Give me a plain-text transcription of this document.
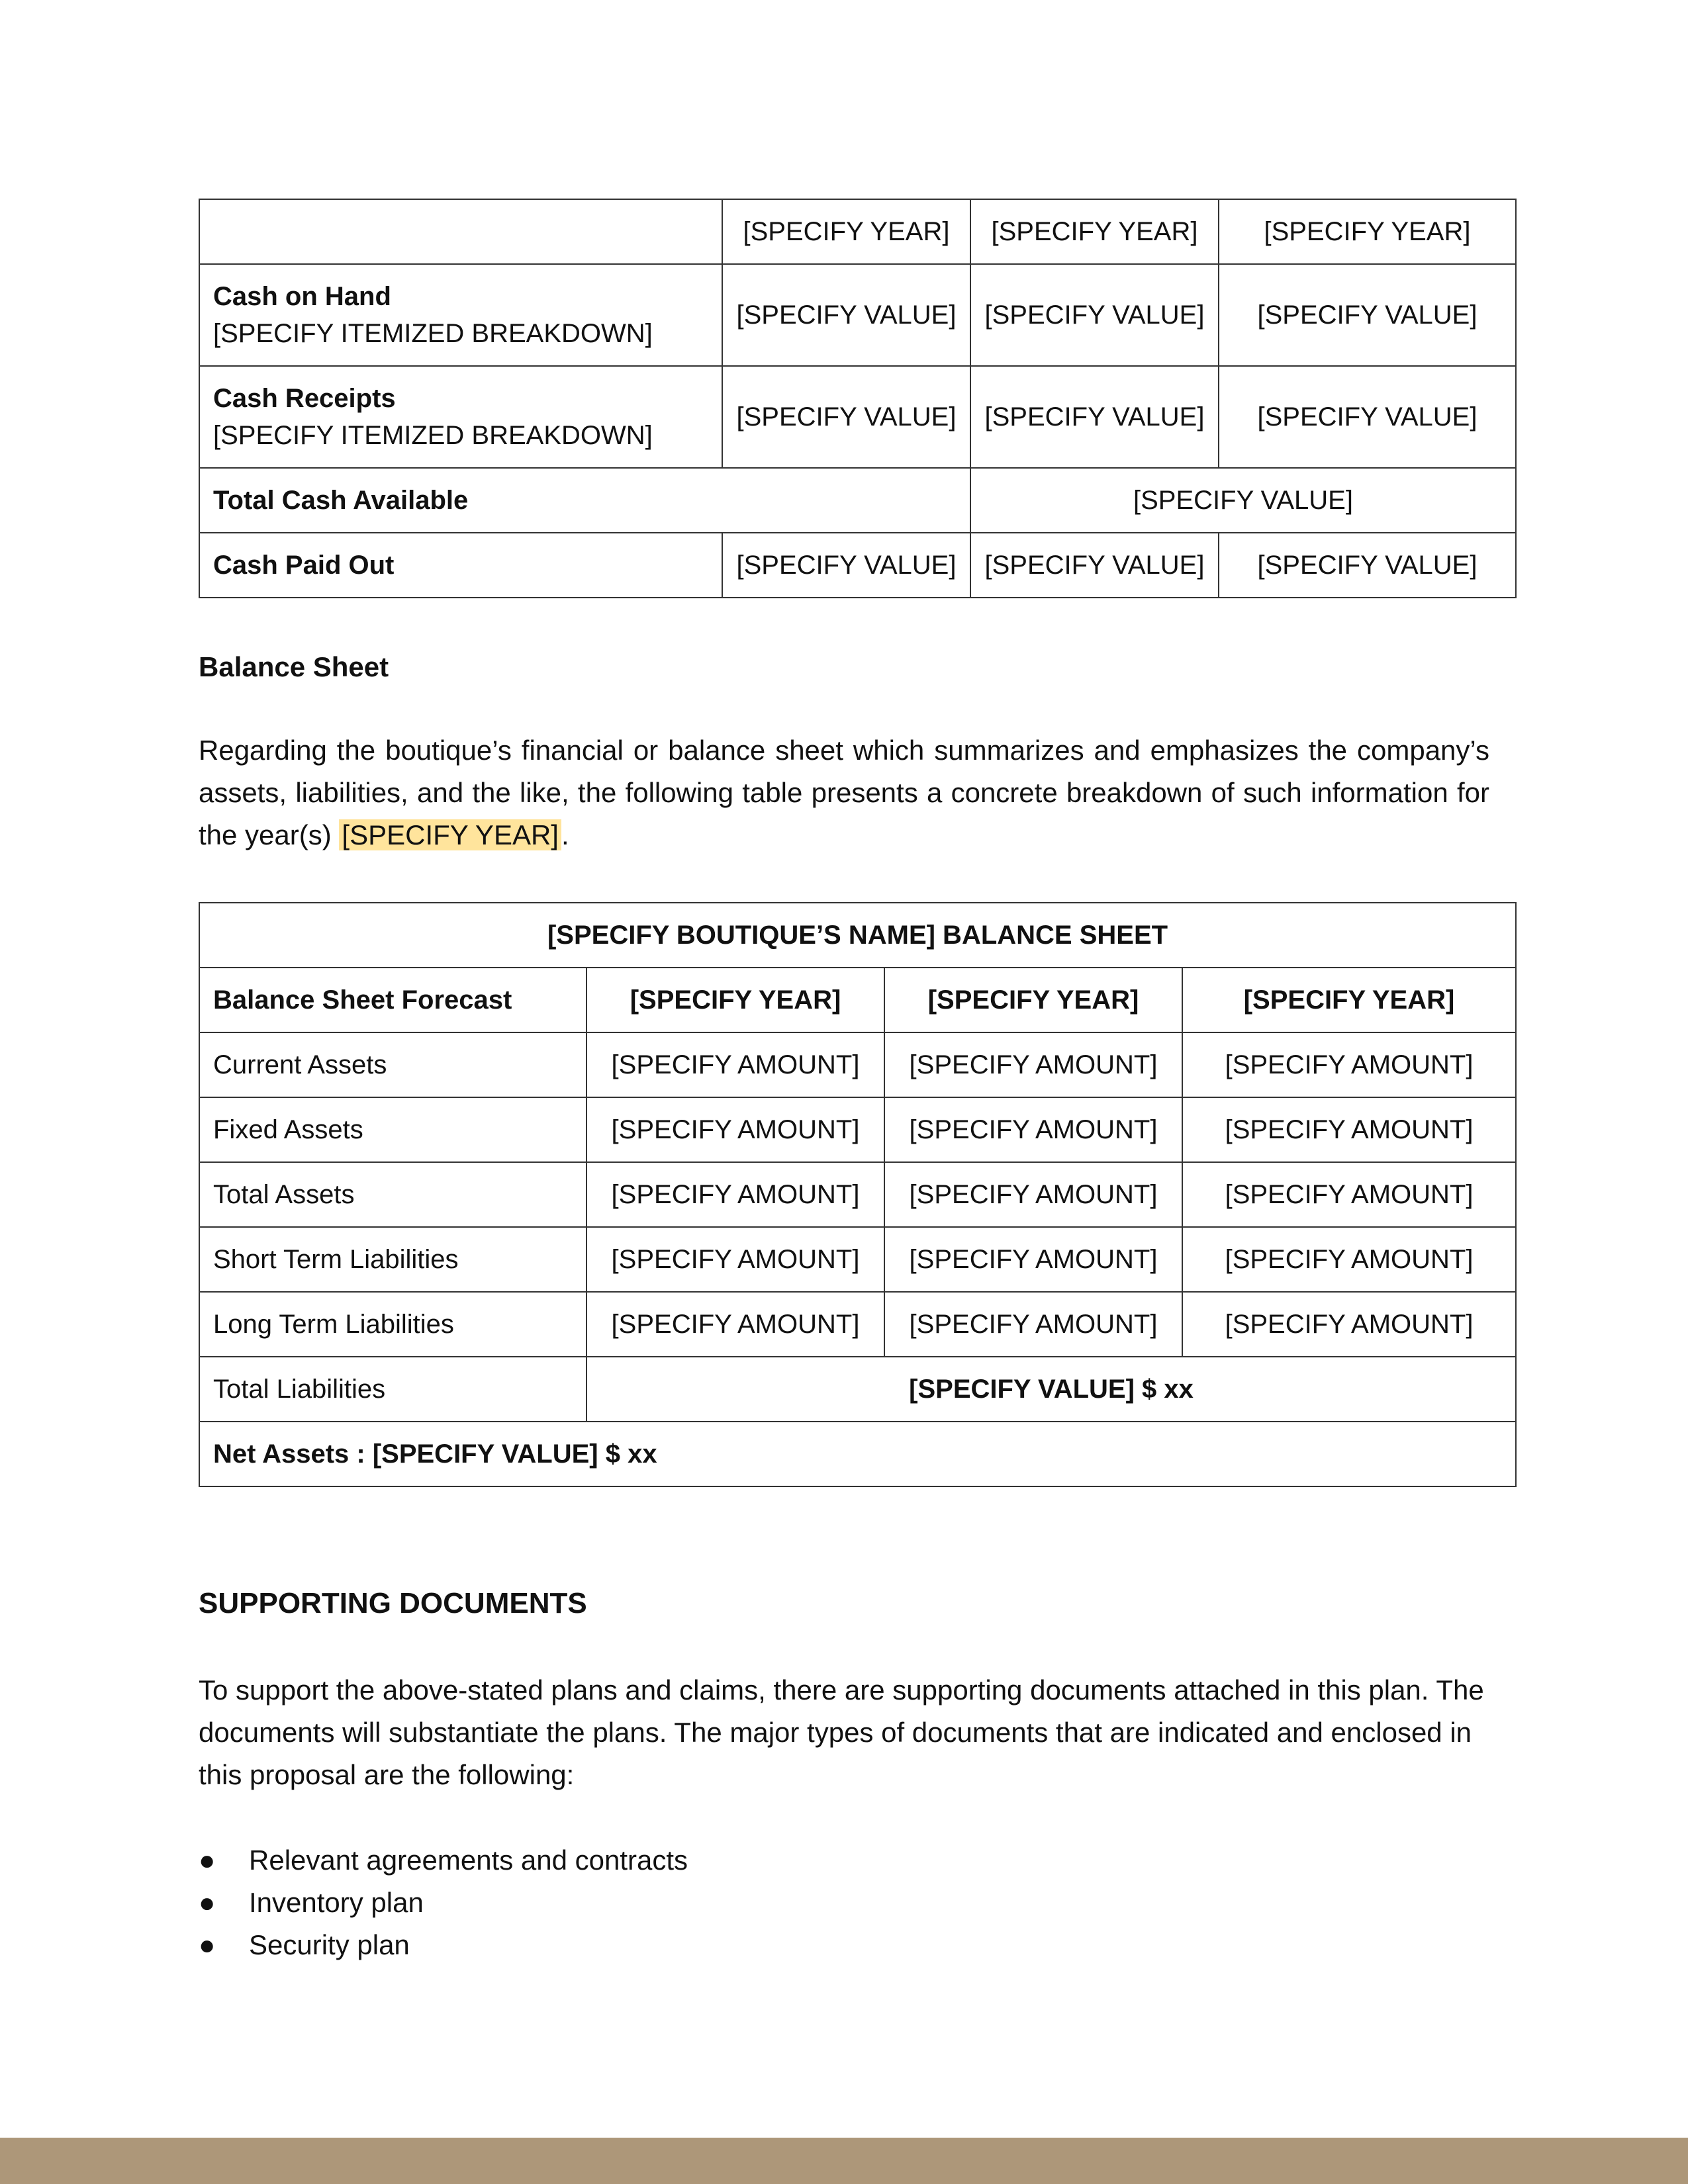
	[SPECIFY YEAR]	[SPECIFY YEAR]	[SPECIFY YEAR]

Cash on Hand
[SPECIFY ITEMIZED BREAKDOWN]	[SPECIFY VALUE]	[SPECIFY VALUE]	[SPECIFY VALUE]

Cash Receipts
[SPECIFY ITEMIZED BREAKDOWN]	[SPECIFY VALUE]	[SPECIFY VALUE]	[SPECIFY VALUE]
Total Cash Available		[SPECIFY VALUE]	
Cash Paid Out	[SPECIFY VALUE]	[SPECIFY VALUE]	[SPECIFY VALUE]
Balance Sheet
Regarding the boutique’s financial or balance sheet which summarizes and emphasizes the company’s assets, liabilities, and the like, the following table presents a concrete breakdown of such information for the year(s) [SPECIFY YEAR].
[SPECIFY BOUTIQUE’S NAME] BALANCE SHEET			
Balance Sheet Forecast	[SPECIFY YEAR]	[SPECIFY YEAR]	[SPECIFY YEAR]
Current Assets	[SPECIFY AMOUNT]	[SPECIFY AMOUNT]	[SPECIFY AMOUNT]
Fixed Assets	[SPECIFY AMOUNT]	[SPECIFY AMOUNT]	[SPECIFY AMOUNT]
Total Assets	[SPECIFY AMOUNT]	[SPECIFY AMOUNT]	[SPECIFY AMOUNT]
Short Term Liabilities	[SPECIFY AMOUNT]	[SPECIFY AMOUNT]	[SPECIFY AMOUNT]
Long Term Liabilities	[SPECIFY AMOUNT]	[SPECIFY AMOUNT]	[SPECIFY AMOUNT]
Total Liabilities	[SPECIFY VALUE] $ xx		
Net Assets : [SPECIFY VALUE] $ xx			
SUPPORTING DOCUMENTS
To support the above-stated plans and claims, there are supporting documents attached in this plan. The documents will substantiate the plans. The major types of documents that are indicated and enclosed in this proposal are the following:
● Relevant agreements and contracts
● Inventory plan
● Security plan
